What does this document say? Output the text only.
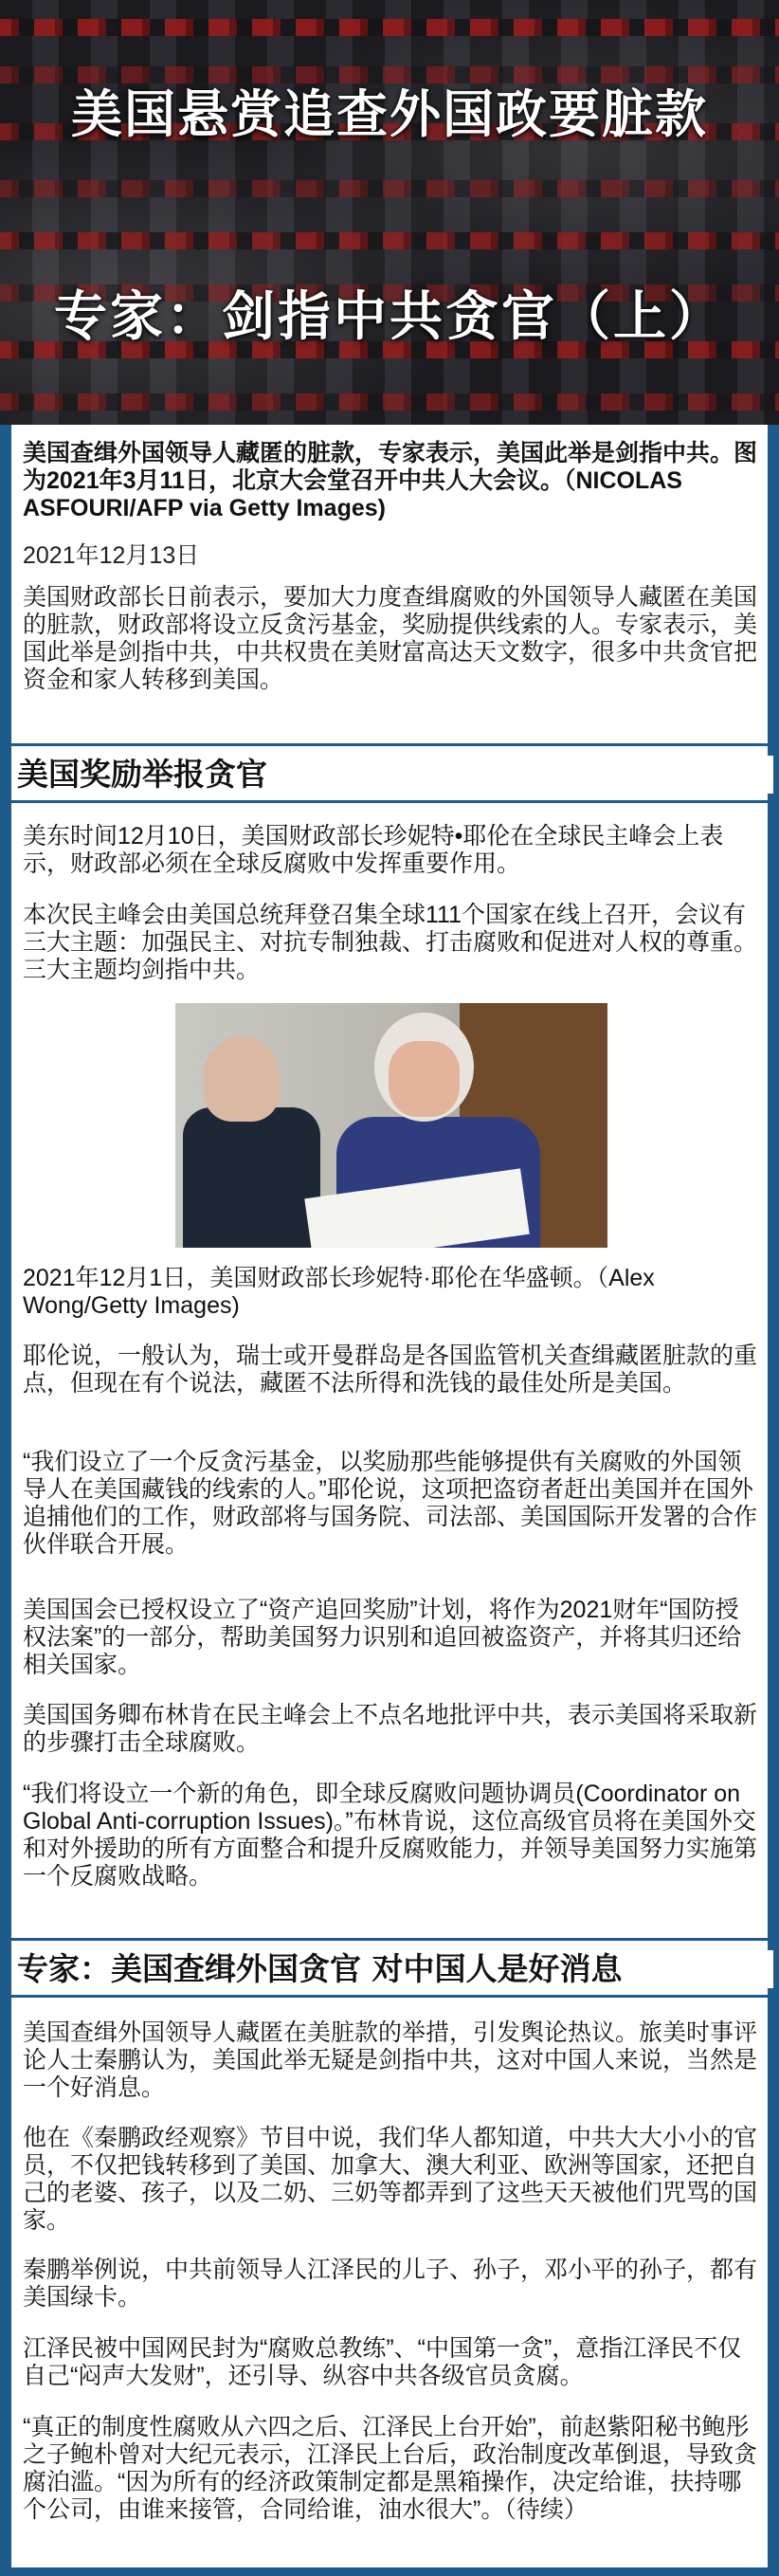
美国悬赏追查外国政要脏款
专家：剑指中共贪官（上）
美国查缉外国领导人藏匿的脏款，专家表示，美国此举是剑指中共。图为2021年3月11日，北京大会堂召开中共人大会议。（NICOLAS ASFOURI/AFP via Getty Images)
2021年12月13日
美国财政部长日前表示，要加大力度查缉腐败的外国领导人藏匿在美国的脏款，财政部将设立反贪污基金，奖励提供线索的人。专家表示，美国此举是剑指中共，中共权贵在美财富高达天文数字，很多中共贪官把资金和家人转移到美国。
美国奖励举报贪官
美东时间12月10日，美国财政部长珍妮特•耶伦在全球民主峰会上表示，财政部必须在全球反腐败中发挥重要作用。
本次民主峰会由美国总统拜登召集全球111个国家在线上召开，会议有三大主题：加强民主、对抗专制独裁、打击腐败和促进对人权的尊重。三大主题均剑指中共。
2021年12月1日，美国财政部长珍妮特·耶伦在华盛顿。（Alex Wong/Getty Images)
耶伦说，一般认为，瑞士或开曼群岛是各国监管机关查缉藏匿脏款的重点，但现在有个说法，藏匿不法所得和洗钱的最佳处所是美国。
“我们设立了一个反贪污基金，以奖励那些能够提供有关腐败的外国领导人在美国藏钱的线索的人。”耶伦说，这项把盗窃者赶出美国并在国外追捕他们的工作，财政部将与国务院、司法部、美国国际开发署的合作伙伴联合开展。
美国国会已授权设立了“资产追回奖励”计划，将作为2021财年“国防授权法案”的一部分，帮助美国努力识别和追回被盗资产，并将其归还给相关国家。
美国国务卿布林肯在民主峰会上不点名地批评中共，表示美国将采取新的步骤打击全球腐败。
“我们将设立一个新的角色，即全球反腐败问题协调员(Coordinator on Global Anti-corruption Issues)。”布林肯说，这位高级官员将在美国外交和对外援助的所有方面整合和提升反腐败能力，并领导美国努力实施第一个反腐败战略。
专家：美国查缉外国贪官 对中国人是好消息
美国查缉外国领导人藏匿在美脏款的举措，引发舆论热议。旅美时事评论人士秦鹏认为，美国此举无疑是剑指中共，这对中国人来说，当然是一个好消息。
他在《秦鹏政经观察》节目中说，我们华人都知道，中共大大小小的官员，不仅把钱转移到了美国、加拿大、澳大利亚、欧洲等国家，还把自己的老婆、孩子，以及二奶、三奶等都弄到了这些天天被他们咒骂的国家。
秦鹏举例说，中共前领导人江泽民的儿子、孙子，邓小平的孙子，都有美国绿卡。
江泽民被中国网民封为“腐败总教练”、“中国第一贪”，意指江泽民不仅自己“闷声大发财”，还引导、纵容中共各级官员贪腐。
“真正的制度性腐败从六四之后、江泽民上台开始”，前赵紫阳秘书鲍彤之子鲍朴曾对大纪元表示，江泽民上台后，政治制度改革倒退，导致贪腐泊滥。“因为所有的经济政策制定都是黑箱操作，决定给谁，扶持哪个公司，由谁来接管，合同给谁，油水很大”。（待续）
